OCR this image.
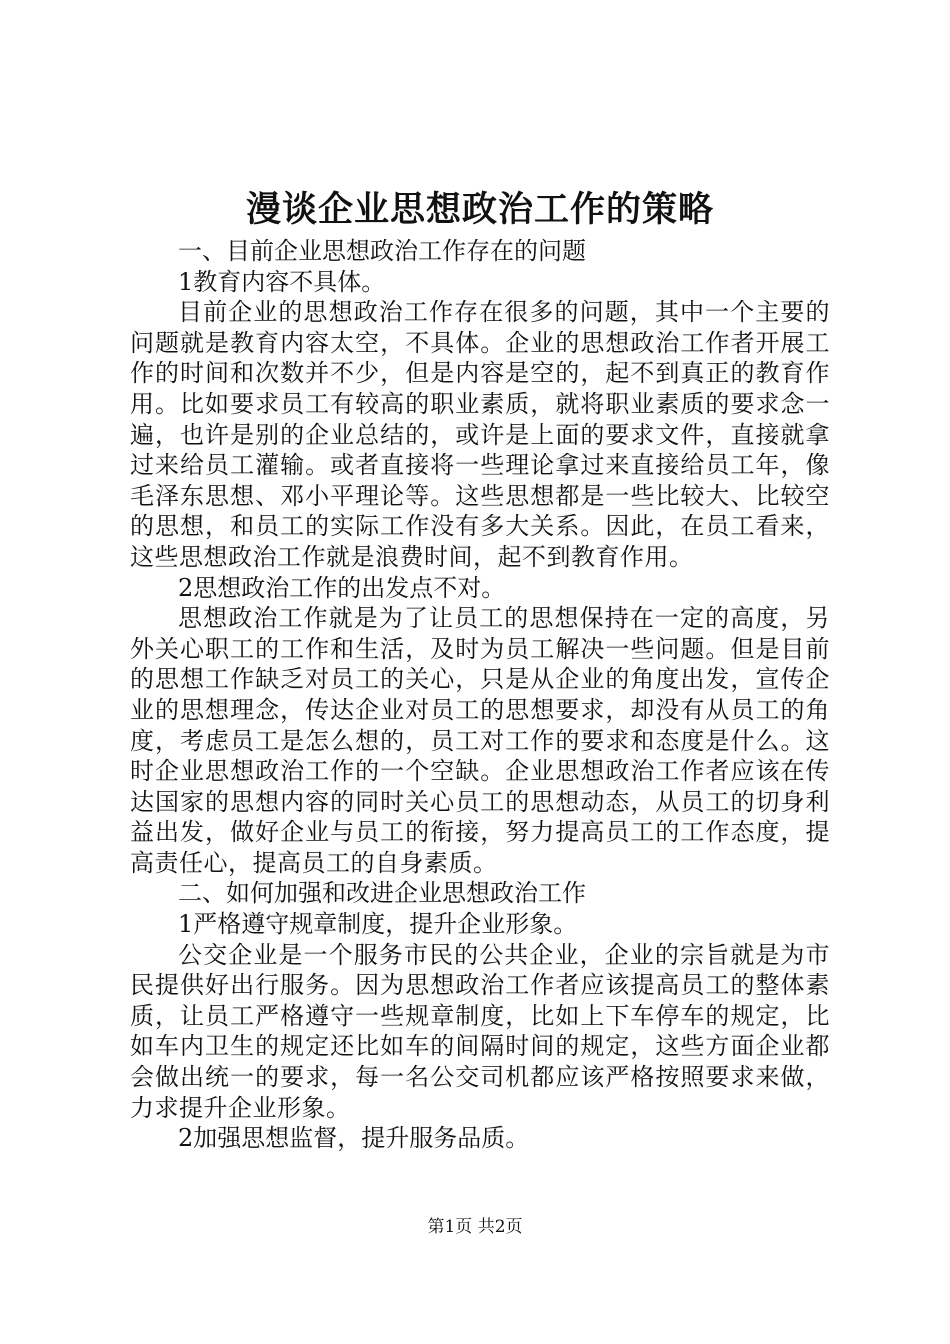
漫谈企业思想政治工作的策略

一、目前企业思想政治工作存在的问题

1教育内容不具体。

目前企业的思想政治工作存在很多的问题，其中一个主要的问题就是教育内容太空，不具体。企业的思想政治工作者开展工作的时间和次数并不少，但是内容是空的，起不到真正的教育作用。比如要求员工有较高的职业素质，就将职业素质的要求念一遍，也许是别的企业总结的，或许是上面的要求文件，直接就拿过来给员工灌输。或者直接将一些理论拿过来直接给员工年，像毛泽东思想、邓小平理论等。这些思想都是一些比较大、比较空的思想，和员工的实际工作没有多大关系。因此，在员工看来，这些思想政治工作就是浪费时间，起不到教育作用。

2思想政治工作的出发点不对。

思想政治工作就是为了让员工的思想保持在一定的高度，另外关心职工的工作和生活，及时为员工解决一些问题。但是目前的思想工作缺乏对员工的关心，只是从企业的角度出发，宣传企业的思想理念，传达企业对员工的思想要求，却没有从员工的角度，考虑员工是怎么想的，员工对工作的要求和态度是什么。这时企业思想政治工作的一个空缺。企业思想政治工作者应该在传达国家的思想内容的同时关心员工的思想动态，从员工的切身利益出发，做好企业与员工的衔接，努力提高员工的工作态度，提高责任心，提高员工的自身素质。

二、如何加强和改进企业思想政治工作

1严格遵守规章制度，提升企业形象。

公交企业是一个服务市民的公共企业，企业的宗旨就是为市民提供好出行服务。因为思想政治工作者应该提高员工的整体素质，让员工严格遵守一些规章制度，比如上下车停车的规定，比如车内卫生的规定还比如车的间隔时间的规定，这些方面企业都会做出统一的要求，每一名公交司机都应该严格按照要求来做，力求提升企业形象。

2加强思想监督，提升服务品质。

第1页 共2页
